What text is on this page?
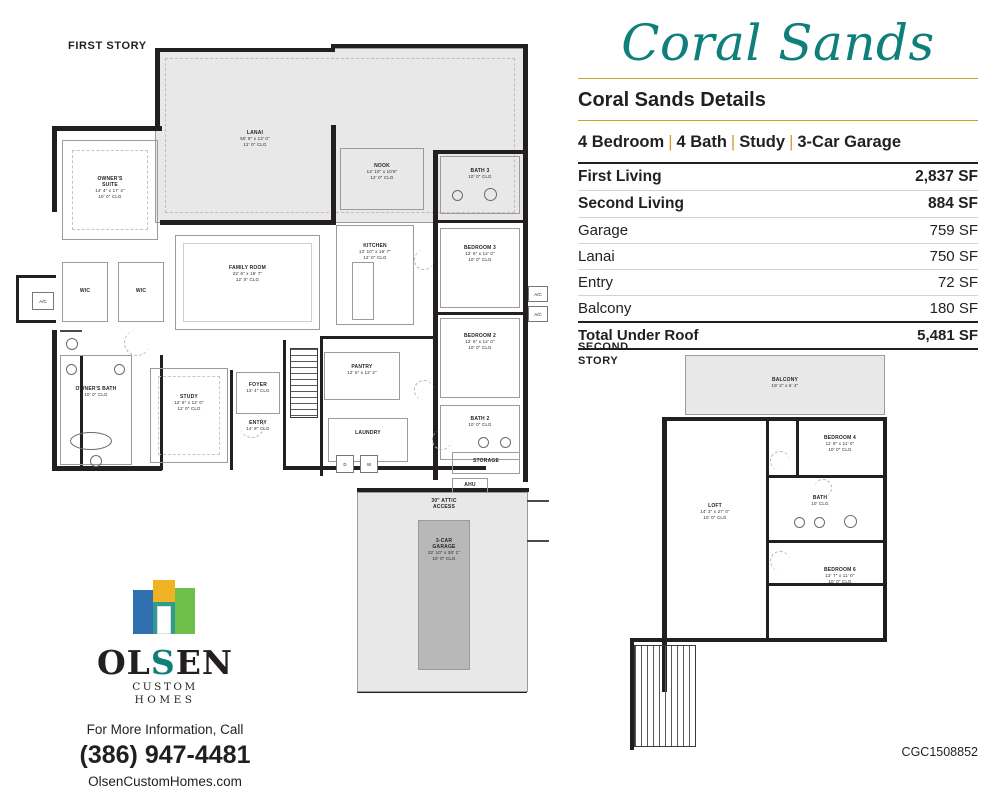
FIRST STORY
LANAI
50' 8" x 13' 0"
12' 0" CLG
OWNER'S
SUITE
14' 4" x 17' 4"
10' 0" CLG
WIC	WIC
A/C
A/C
A/C
OWNER'S BATH
10' 0" CLG	STUDY
12' 6" x 12' 0"
12' 0" CLG
FAMILY ROOM
22' 6" x 16' 7"
12' 0" CLG
KITCHEN
13' 10" x 16' 7"
12' 0" CLG
NOOK
13' 10" x 10'6"
12' 0" CLG
BATH 3
10' 0" CLG
BEDROOM 3
12' 5" x 12' 0"
10' 0" CLG
BEDROOM 2
12' 5" x 12' 0"
10' 0" CLG
BATH 2
10' 0" CLG
PANTRY
12' 5" x 12' 2"
FOYER
13' 4" CLG
ENTRY
14' 8" CLG
LAUNDRY
D	W	STORAGE
AHU
30" ATTIC
ACCESS
3-CAR
GARAGE
22' 10" x 30' 1"
10' 0" CLG
Coral Sands
Coral Sands Details
4 Bedroom | 4 Bath | Study | 3-Car Garage
First Living	2,837 SF
Second Living	884 SF
Garage	759 SF
Lanai	750 SF
Entry	72 SF
Balcony	180 SF
Total Under Roof	5,481 SF
SECOND
STORY
BALCONY
19' 2" x 6' 4"
LOFT
14' 3" x 27' 0"
10' 0" CLG
BEDROOM 4
11' 9" x 11' 0"
10' 0" CLG
BATH
10' CLG
BEDROOM 6
13' 7" x 11' 0"
10' 0" CLG
OLSEN
CUSTOM
HOMES
For More Information, Call
(386) 947-4481
OlsenCustomHomes.com
CGC1508852
